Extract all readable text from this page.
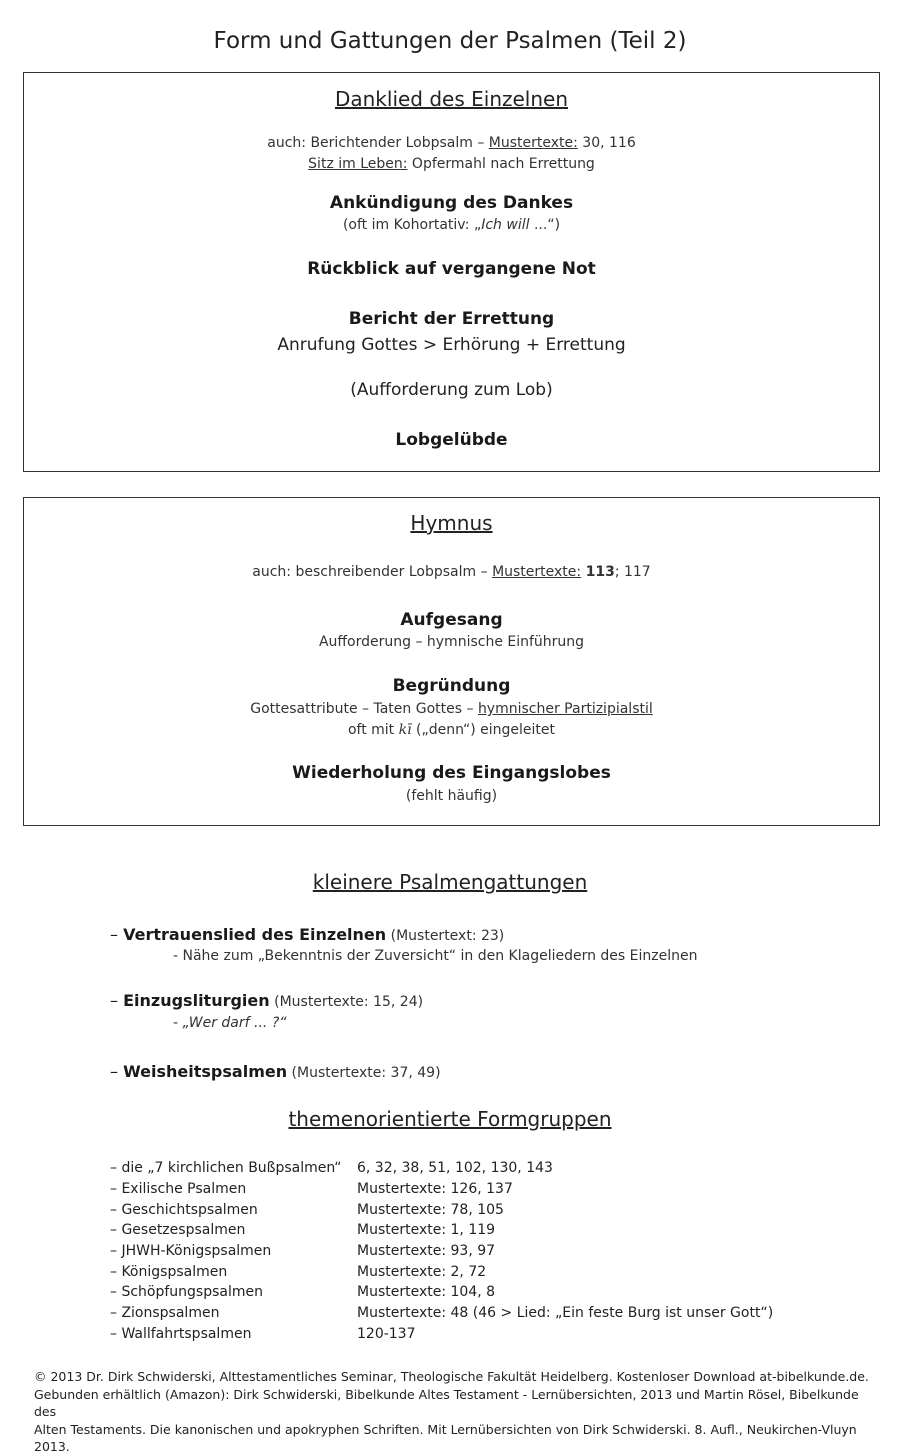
Form und Gattungen der Psalmen (Teil 2)
Danklied des Einzelnen
auch: Berichtender Lobpsalm – Mustertexte: 30, 116
Sitz im Leben: Opfermahl nach Errettung
Ankündigung des Dankes
(oft im Kohortativ: „Ich will ...“)
Rückblick auf vergangene Not
Bericht der Errettung
Anrufung Gottes > Erhörung + Errettung
(Aufforderung zum Lob)
Lobgelübde
Hymnus
auch: beschreibender Lobpsalm – Mustertexte: 113; 117
Aufgesang
Aufforderung – hymnische Einführung
Begründung
Gottesattribute – Taten Gottes – hymnischer Partizipialstil
oft mit kī („denn“) eingeleitet
Wiederholung des Eingangslobes
(fehlt häufig)
kleinere Psalmengattungen
– Vertrauenslied des Einzelnen (Mustertext: 23)
- Nähe zum „Bekenntnis der Zuversicht“ in den Klageliedern des Einzelnen
– Einzugsliturgien (Mustertexte: 15, 24)
- „Wer darf ... ?“
– Weisheitspsalmen (Mustertexte: 37, 49)
themenorientierte Formgruppen
– die „7 kirchlichen Bußpsalmen“ 6, 32, 38, 51, 102, 130, 143
– Exilische Psalmen	Mustertexte: 126, 137
– Geschichtspsalmen	Mustertexte: 78, 105
– Gesetzespsalmen	Mustertexte: 1, 119
– JHWH-Königspsalmen	Mustertexte: 93, 97
– Königspsalmen	Mustertexte: 2, 72
– Schöpfungspsalmen	Mustertexte: 104, 8
– Zionspsalmen	Mustertexte: 48 (46 > Lied: „Ein feste Burg ist unser Gott“)
– Wallfahrtspsalmen	120-137
© 2013 Dr. Dirk Schwiderski, Alttestamentliches Seminar, Theologische Fakultät Heidelberg. Kostenloser Download at-bibelkunde.de.
Gebunden erhältlich (Amazon): Dirk Schwiderski, Bibelkunde Altes Testament - Lernübersichten, 2013 und Martin Rösel, Bibelkunde des
Alten Testaments. Die kanonischen und apokryphen Schriften. Mit Lernübersichten von Dirk Schwiderski. 8. Aufl., Neukirchen-Vluyn 2013.
